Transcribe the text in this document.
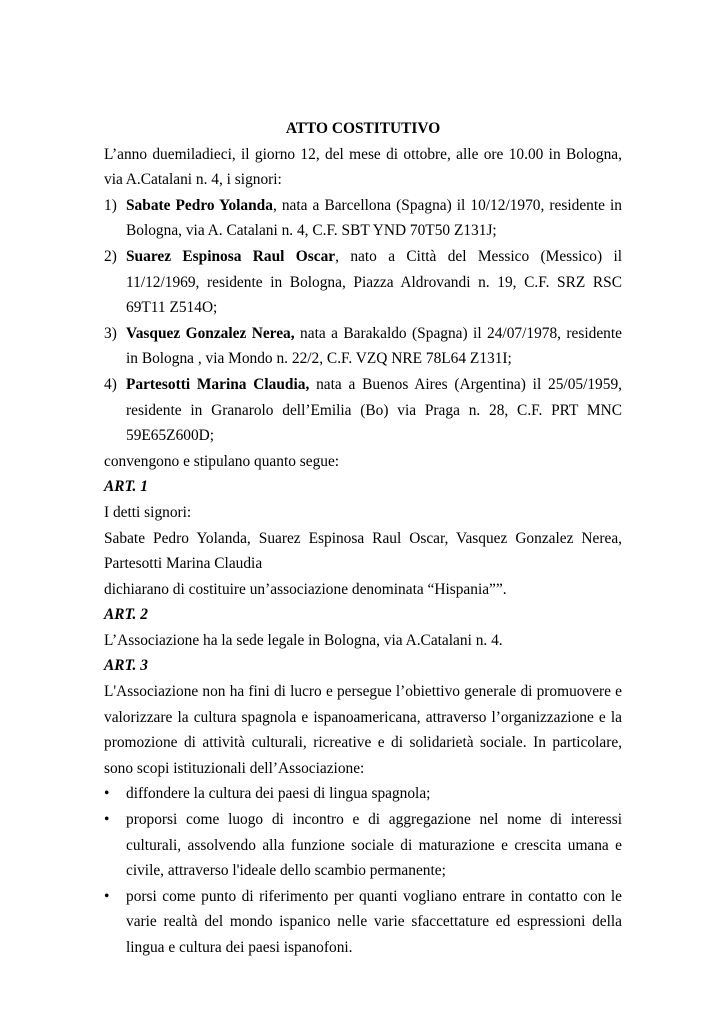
ATTO COSTITUTIVO

L’anno duemiladieci, il giorno 12, del mese di ottobre, alle ore 10.00 in Bologna, via A.Catalani n. 4, i signori:

1) Sabate Pedro Yolanda, nata a Barcellona (Spagna) il 10/12/1970, residente in Bologna, via A. Catalani n. 4, C.F. SBT YND 70T50 Z131J;
2) Suarez Espinosa Raul Oscar, nato a Città del Messico (Messico) il 11/12/1969, residente in Bologna, Piazza Aldrovandi n. 19, C.F. SRZ RSC 69T11 Z514O;
3) Vasquez Gonzalez Nerea, nata a Barakaldo (Spagna) il 24/07/1978, residente in Bologna , via Mondo n. 22/2, C.F. VZQ NRE 78L64 Z131I;
4) Partesotti Marina Claudia, nata a Buenos Aires (Argentina) il 25/05/1959, residente in Granarolo dell’Emilia (Bo) via Praga n. 28, C.F. PRT MNC 59E65Z600D;

convengono e stipulano quanto segue:

ART. 1

I detti signori:

Sabate Pedro Yolanda, Suarez Espinosa Raul Oscar, Vasquez Gonzalez Nerea, Partesotti Marina Claudia

dichiarano di costituire un’associazione denominata “Hispania””.

ART. 2

L’Associazione ha la sede legale in Bologna, via A.Catalani n. 4.

ART. 3

L'Associazione non ha fini di lucro e persegue l’obiettivo generale di promuovere e valorizzare la cultura spagnola e ispanoamericana, attraverso l’organizzazione e la promozione di attività culturali, ricreative e di solidarietà sociale. In particolare, sono scopi istituzionali dell’Associazione:

• diffondere la cultura dei paesi di lingua spagnola;
• proporsi come luogo di incontro e di aggregazione nel nome di interessi culturali, assolvendo alla funzione sociale di maturazione e crescita umana e civile, attraverso l'ideale dello scambio permanente;
• porsi come punto di riferimento per quanti vogliano entrare in contatto con le varie realtà del mondo ispanico nelle varie sfaccettature ed espressioni della lingua e cultura dei paesi ispanofoni.
